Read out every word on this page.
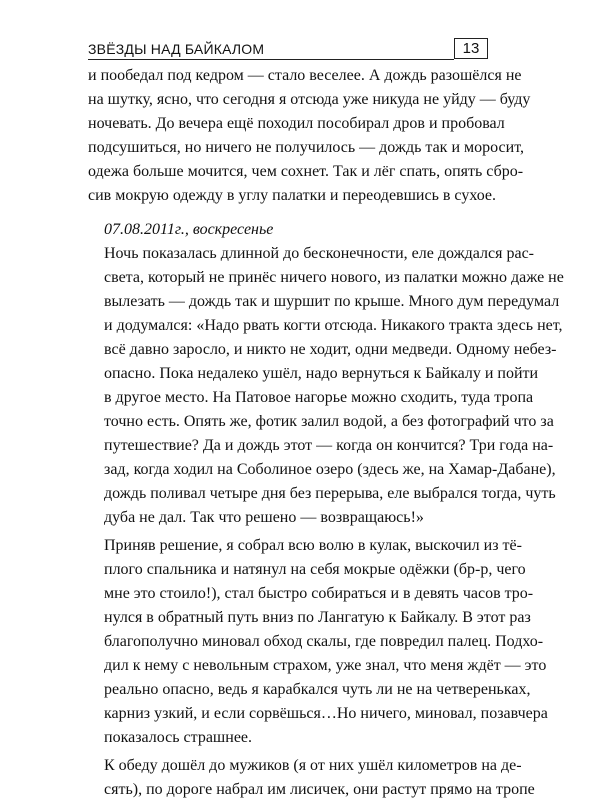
ЗВЁЗДЫ НАД БАЙКАЛОМ	13
и пообедал под кедром — стало веселее. А дождь разошёлся не
на шутку, ясно, что сегодня я отсюда уже никуда не уйду — буду
ночевать. До вечера ещё походил пособирал дров и пробовал
подсушиться, но ничего не получилось — дождь так и моросит,
одежа больше мочится, чем сохнет. Так и лёг спать, опять сбро-
сив мокрую одежду в углу палатки и переодевшись в сухое.
07.08.2011г., воскресенье
Ночь показалась длинной до бесконечности, еле дождался рас-
света, который не принёс ничего нового, из палатки можно даже не
вылезать — дождь так и шуршит по крыше. Много дум передумал
и додумался: «Надо рвать когти отсюда. Никакого тракта здесь нет,
всё давно заросло, и никто не ходит, одни медведи. Одному небез-
опасно. Пока недалеко ушёл, надо вернуться к Байкалу и пойти
в другое место. На Патовое нагорье можно сходить, туда тропа
точно есть. Опять же, фотик залил водой, а без фотографий что за
путешествие? Да и дождь этот — когда он кончится? Три года на-
зад, когда ходил на Соболиное озеро (здесь же, на Хамар-Дабане),
дождь поливал четыре дня без перерыва, еле выбрался тогда, чуть
дуба не дал. Так что решено — возвращаюсь!»
Приняв решение, я собрал всю волю в кулак, выскочил из тё-
плого спальника и натянул на себя мокрые одёжки (бр-р, чего
мне это стоило!), стал быстро собираться и в девять часов тро-
нулся в обратный путь вниз по Лангатую к Байкалу. В этот раз
благополучно миновал обход скалы, где повредил палец. Подхо-
дил к нему с невольным страхом, уже знал, что меня ждёт — это
реально опасно, ведь я карабкался чуть ли не на четвереньках,
карниз узкий, и если сорвёшься…Но ничего, миновал, позавчера
показалось страшнее.
К обеду дошёл до мужиков (я от них ушёл километров на де-
сять), по дороге набрал им лисичек, они растут прямо на тропе
